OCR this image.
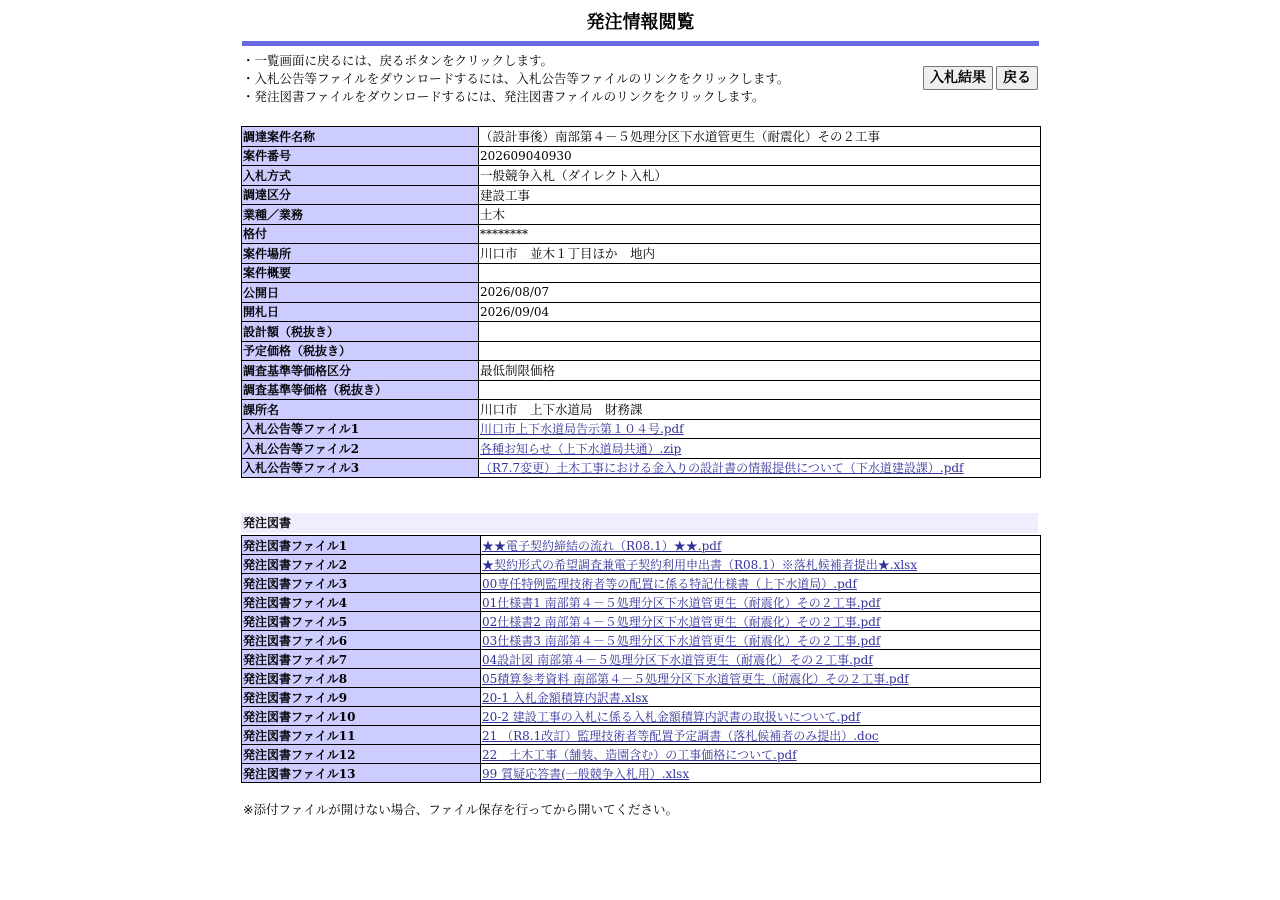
発注情報閲覧
・一覧画面に戻るには、戻るボタンをクリックします。
・入札公告等ファイルをダウンロードするには、入札公告等ファイルのリンクをクリックします。
・発注図書ファイルをダウンロードするには、発注図書ファイルのリンクをクリックします。
入札結果	戻る
調達案件名称	（設計事後）南部第４－５処理分区下水道管更生（耐震化）その２工事
案件番号	202609040930
入札方式	一般競争入札（ダイレクト入札）
調達区分	建設工事
業種／業務	土木
格付	********
案件場所	川口市　並木１丁目ほか　地内
案件概要	
公開日	2026/08/07
開札日	2026/09/04
設計額（税抜き）	
予定価格（税抜き）	
調査基準等価格区分	最低制限価格
調査基準等価格（税抜き）	
課所名	川口市　上下水道局　財務課
入札公告等ファイル1	川口市上下水道局告示第１０４号.pdf
入札公告等ファイル2	各種お知らせ（上下水道局共通）.zip
入札公告等ファイル3	（R7.7変更）土木工事における金入りの設計書の情報提供について（下水道建設課）.pdf
発注図書
発注図書ファイル1	★★電子契約締結の流れ（R08.1）★★.pdf
発注図書ファイル2	★契約形式の希望調査兼電子契約利用申出書（R08.1）※落札候補者提出★.xlsx
発注図書ファイル3	00専任特例監理技術者等の配置に係る特記仕様書（上下水道局）.pdf
発注図書ファイル4	01仕様書1 南部第４－５処理分区下水道管更生（耐震化）その２工事.pdf
発注図書ファイル5	02仕様書2 南部第４－５処理分区下水道管更生（耐震化）その２工事.pdf
発注図書ファイル6	03仕様書3 南部第４－５処理分区下水道管更生（耐震化）その２工事.pdf
発注図書ファイル7	04設計図 南部第４－５処理分区下水道管更生（耐震化）その２工事.pdf
発注図書ファイル8	05積算参考資料 南部第４－５処理分区下水道管更生（耐震化）その２工事.pdf
発注図書ファイル9	20-1 入札金額積算内訳書.xlsx
発注図書ファイル10	20-2 建設工事の入札に係る入札金額積算内訳書の取扱いについて.pdf
発注図書ファイル11	21 （R8.1改訂）監理技術者等配置予定調書（落札候補者のみ提出）.doc
発注図書ファイル12	22　土木工事（舗装、造園含む）の工事価格について.pdf
発注図書ファイル13	99 質疑応答書(一般競争入札用）.xlsx
※添付ファイルが開けない場合、ファイル保存を行ってから開いてください。
